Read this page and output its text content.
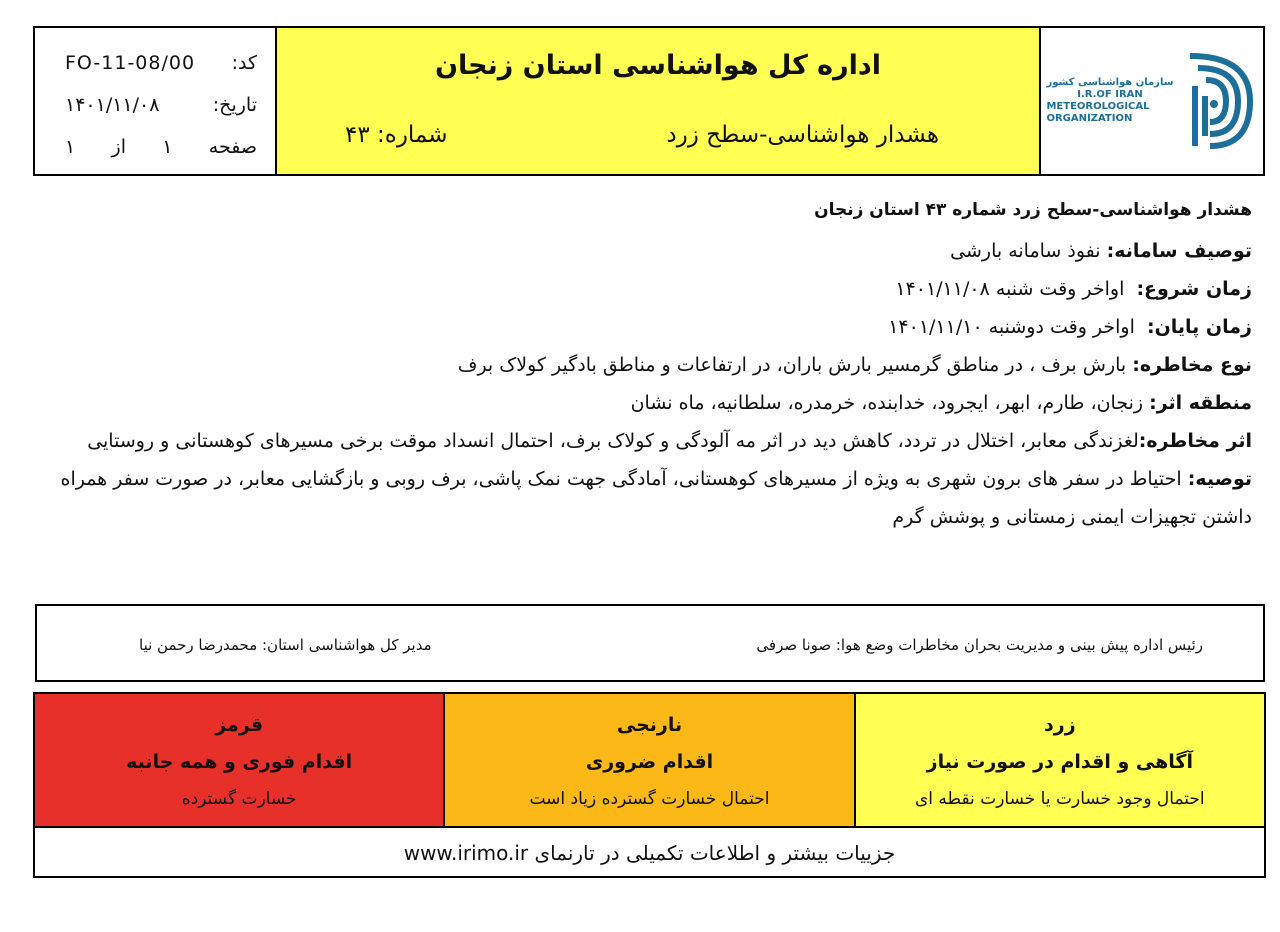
FO-11-08/00 کد:
۱۴۰۱/۱۱/۰۸	تاریخ:
صفحه
۱
از
۱
اداره کل هواشناسی استان زنجان
هشدار هواشناسی-سطح زرد
شماره: ۴۳
سازمان هواشناسی کشور
I.R.OF IRAN
METEOROLOGICAL
ORGANIZATION
هشدار هواشناسی-سطح زرد شماره ۴۳ استان زنجان
توصیف سامانه: نفوذ سامانه بارشی
زمان شروع:  اواخر وقت شنبه ۱۴۰۱/۱۱/۰۸
زمان پایان:  اواخر وقت دوشنبه ۱۴۰۱/۱۱/۱۰
نوع مخاطره: بارش برف ، در مناطق گرمسیر بارش باران، در ارتفاعات و مناطق بادگیر کولاک برف
منطقه اثر: زنجان، طارم، ابهر، ایجرود، خدابنده، خرمدره، سلطانیه، ماه نشان
اثر مخاطره:لغزندگی معابر، اختلال در تردد، کاهش دید در اثر مه آلودگی و کولاک برف، احتمال انسداد موقت برخی مسیرهای کوهستانی و روستایی
توصیه: احتیاط در سفر های برون شهری به ویژه از مسیرهای کوهستانی، آمادگی جهت نمک پاشی، برف روبی و بازگشایی معابر، در صورت سفر همراه داشتن تجهیزات ایمنی زمستانی و پوشش گرم
رئیس اداره پیش بینی و مدیریت بحران مخاطرات وضع هوا: صونا صرفی
مدیر کل هواشناسی استان: محمدرضا رحمن نیا
قرمز
اقدام فوری و همه جانبه
خسارت گسترده
نارنجی
اقدام ضروری
احتمال خسارت گسترده زیاد است
زرد
آگاهی و اقدام در صورت نیاز
احتمال وجود خسارت یا خسارت نقطه ای
جزییات بیشتر و اطلاعات تکمیلی در تارنمای www.irimo.ir
